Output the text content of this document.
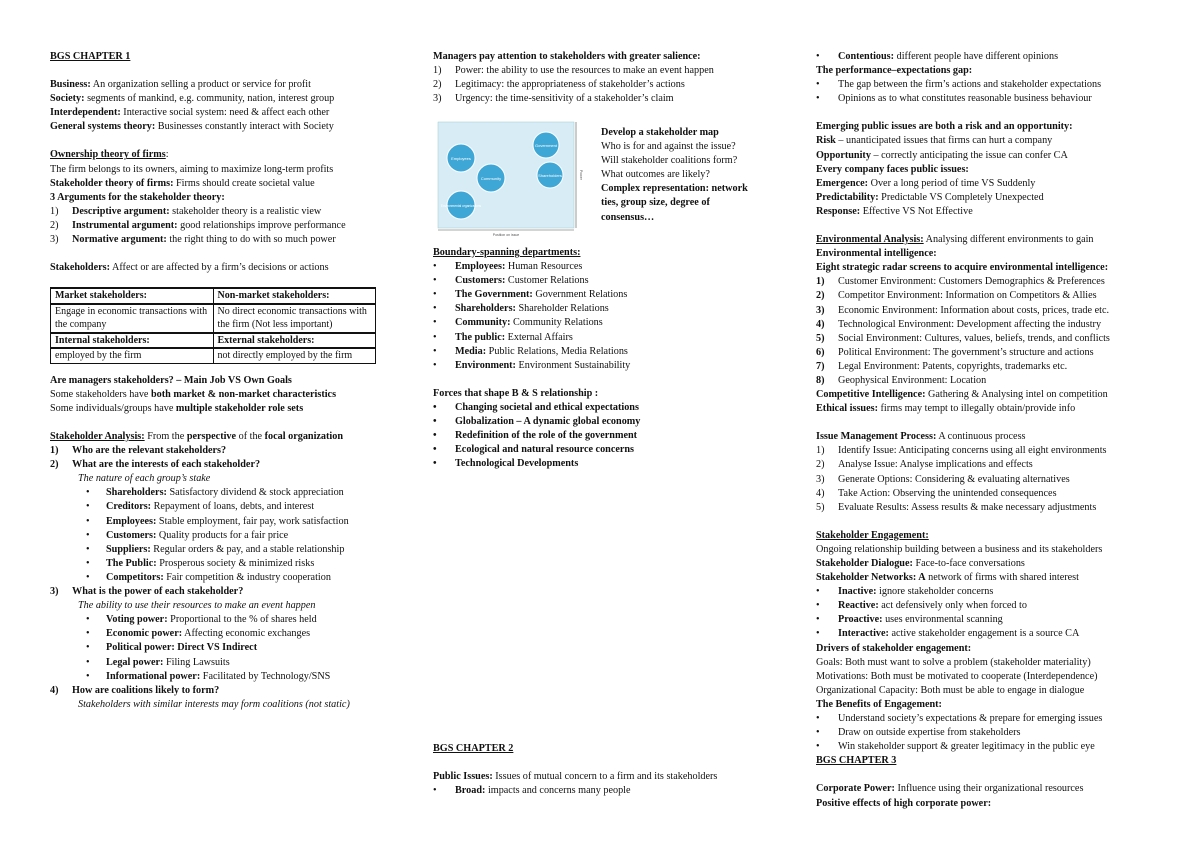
BGS CHAPTER 1
Business: An organization selling a product or service for profit
Society: segments of mankind, e.g. community, nation, interest group
Interdependent: Interactive social system: need & affect each other
General systems theory: Businesses constantly interact with Society
Ownership theory of firms:
The firm belongs to its owners, aiming to maximize long-term profits
Stakeholder theory of firms: Firms should create societal value
3 Arguments for the stakeholder theory:
1) Descriptive argument: stakeholder theory is a realistic view
2) Instrumental argument: good relationships improve performance
3) Normative argument: the right thing to do with so much power
Stakeholders: Affect or are affected by a firm’s decisions or actions
Market stakeholders:	Non-market stakeholders:
Engage in economic transactions with the company	No direct economic transactions with the firm (Not less important)
Internal stakeholders:	External stakeholders:
employed by the firm	not directly employed by the firm
Are managers stakeholders? – Main Job VS Own Goals
Some stakeholders have both market & non-market characteristics
Some individuals/groups have multiple stakeholder role sets
Stakeholder Analysis: From the perspective of the focal organization
1) Who are the relevant stakeholders?
2) What are the interests of each stakeholder?
The nature of each group’s stake
• Shareholders: Satisfactory dividend & stock appreciation
• Creditors: Repayment of loans, debts, and interest
• Employees: Stable employment, fair pay, work satisfaction
• Customers: Quality products for a fair price
• Suppliers: Regular orders & pay, and a stable relationship
• The Public: Prosperous society & minimized risks
• Competitors: Fair competition & industry cooperation
3) What is the power of each stakeholder?
The ability to use their resources to make an event happen
• Voting power: Proportional to the % of shares held
• Economic power: Affecting economic exchanges
• Political power: Direct VS Indirect
• Legal power: Filing Lawsuits
• Informational power: Facilitated by Technology/SNS
4) How are coalitions likely to form?
Stakeholders with similar interests may form coalitions (not static)
Managers pay attention to stakeholders with greater salience:
1) Power: the ability to use the resources to make an event happen
2) Legitimacy: the appropriateness of stakeholder’s actions
3) Urgency: the time-sensitivity of a stakeholder’s claim
Employees
Community
Government
Shareholders
Environmental organizations
Position on issue
Power
Develop a stakeholder map
Who is for and against the issue?
Will stakeholder coalitions form?
What outcomes are likely?
Complex representation: network ties, group size, degree of consensus…
Boundary-spanning departments:
• Employees: Human Resources
• Customers: Customer Relations
• The Government: Government Relations
• Shareholders: Shareholder Relations
• Community: Community Relations
• The public: External Affairs
• Media: Public Relations, Media Relations
• Environment: Environment Sustainability
Forces that shape B & S relationship :
• Changing societal and ethical expectations
• Globalization – A dynamic global economy
• Redefinition of the role of the government
• Ecological and natural resource concerns
• Technological Developments
BGS CHAPTER 2
Public Issues: Issues of mutual concern to a firm and its stakeholders
• Broad: impacts and concerns many people
• Contentious: different people have different opinions
The performance–expectations gap:
• The gap between the firm’s actions and stakeholder expectations
• Opinions as to what constitutes reasonable business behaviour
Emerging public issues are both a risk and an opportunity:
Risk – unanticipated issues that firms can hurt a company
Opportunity – correctly anticipating the issue can confer CA
Every company faces public issues:
Emergence: Over a long period of time VS Suddenly
Predictability: Predictable VS Completely Unexpected
Response: Effective VS Not Effective
Environmental Analysis: Analysing different environments to gain
Environmental intelligence:
Eight strategic radar screens to acquire environmental intelligence:
1) Customer Environment: Customers Demographics & Preferences
2) Competitor Environment: Information on Competitors & Allies
3) Economic Environment: Information about costs, prices, trade etc.
4) Technological Environment: Development affecting the industry
5) Social Environment: Cultures, values, beliefs, trends, and conflicts
6) Political Environment: The government’s structure and actions
7) Legal Environment: Patents, copyrights, trademarks etc.
8) Geophysical Environment: Location
Competitive Intelligence: Gathering & Analysing intel on competition
Ethical issues: firms may tempt to illegally obtain/provide info
Issue Management Process: A continuous process
1) Identify Issue: Anticipating concerns using all eight environments
2) Analyse Issue: Analyse implications and effects
3) Generate Options: Considering & evaluating alternatives
4) Take Action: Observing the unintended consequences
5) Evaluate Results: Assess results & make necessary adjustments
Stakeholder Engagement:
Ongoing relationship building between a business and its stakeholders
Stakeholder Dialogue: Face-to-face conversations
Stakeholder Networks: A network of firms with shared interest
• Inactive: ignore stakeholder concerns
• Reactive: act defensively only when forced to
• Proactive: uses environmental scanning
• Interactive: active stakeholder engagement is a source CA
Drivers of stakeholder engagement:
Goals: Both must want to solve a problem (stakeholder materiality)
Motivations: Both must be motivated to cooperate (Interdependence)
Organizational Capacity: Both must be able to engage in dialogue
The Benefits of Engagement:
• Understand society’s expectations & prepare for emerging issues
• Draw on outside expertise from stakeholders
• Win stakeholder support & greater legitimacy in the public eye
BGS CHAPTER 3
Corporate Power: Influence using their organizational resources
Positive effects of high corporate power:
